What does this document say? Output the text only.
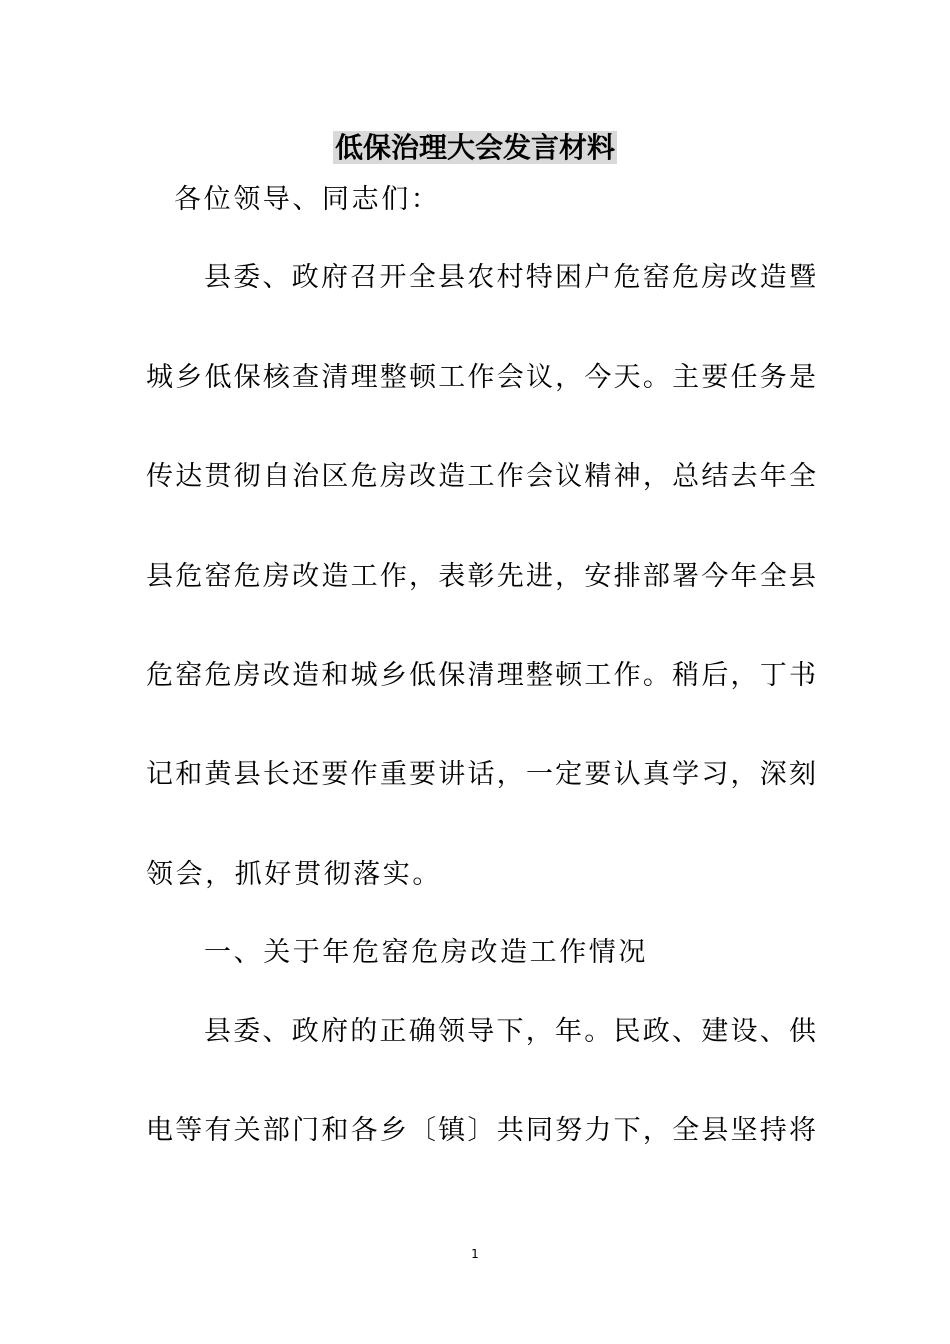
低保治理大会发言材料
各位领导、同志们：
县委、政府召开全县农村特困户危窑危房改造暨
城乡低保核查清理整顿工作会议，今天。主要任务是
传达贯彻自治区危房改造工作会议精神，总结去年全
县危窑危房改造工作，表彰先进，安排部署今年全县
危窑危房改造和城乡低保清理整顿工作。稍后，丁书
记和黄县长还要作重要讲话，一定要认真学习，深刻
领会，抓好贯彻落实。
一、关于年危窑危房改造工作情况
县委、政府的正确领导下，年。民政、建设、供
电等有关部门和各乡〔镇〕共同努力下，全县坚持将
1
